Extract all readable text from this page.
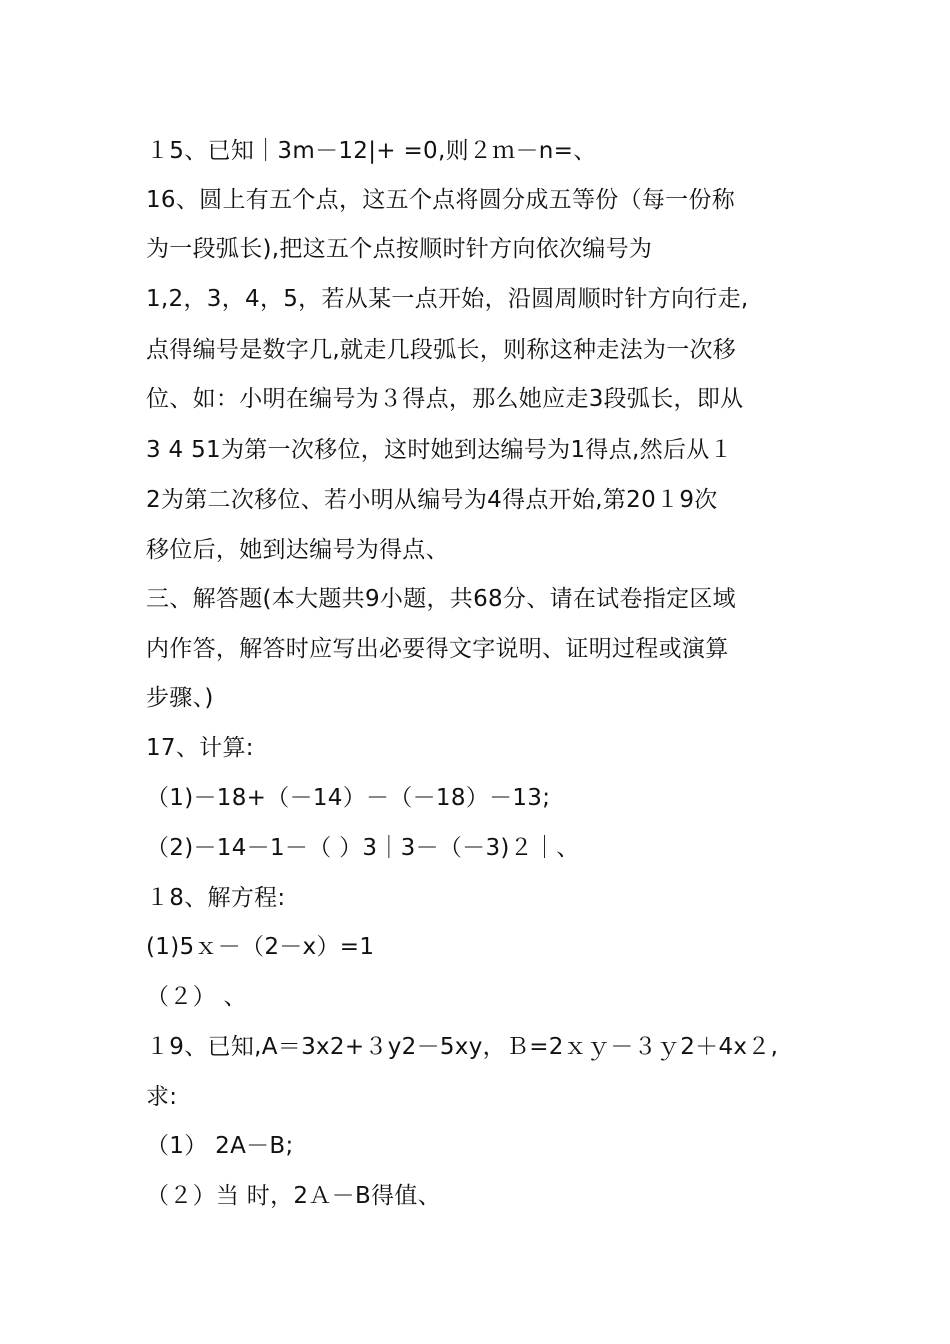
１5、已知｜3m－12|+ =0,则２ｍ－n=、
16、圆上有五个点，这五个点将圆分成五等份（每一份称
为一段弧长),把这五个点按顺时针方向依次编号为
1,2，3，4，5，若从某一点开始，沿圆周顺时针方向行走,
点得编号是数字几,就走几段弧长，则称这种走法为一次移
位、如：小明在编号为３得点，那么她应走3段弧长，即从
3 4 51为第一次移位，这时她到达编号为1得点,然后从１
2为第二次移位、若小明从编号为4得点开始,第20１9次
移位后，她到达编号为得点、
三、解答题(本大题共9小题，共68分、请在试卷指定区域
内作答，解答时应写出必要得文字说明、证明过程或演算
步骤、)
17、计算:
（1)－18+（－14）－（－18）－13;
（2)－14－1－（ ）3｜3－（－3)２｜、
１8、解方程:
(1)5ｘ－（2－x）=1
（２） 、
１9、已知,A＝3x2+３y2－5xy，Ｂ=2ｘｙ－３ｙ2＋4x２,
求:
（1） 2A－B;
（２）当 时，2Ａ－B得值、
